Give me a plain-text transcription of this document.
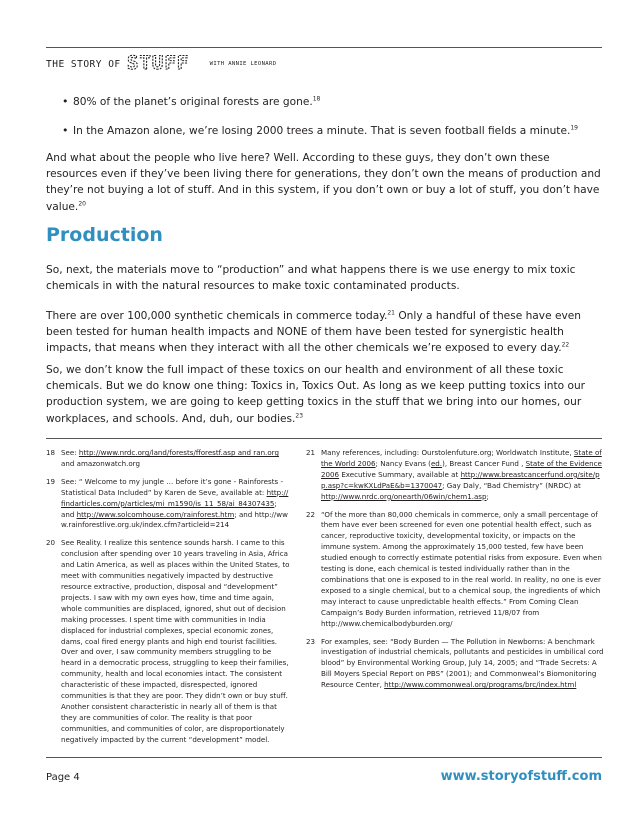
THE STORY OF STUFF	WITH ANNIE LEONARD
• 80% of the planet’s original forests are gone.$^{18}$
• In the Amazon alone, we’re losing 2000 trees a minute. That is seven football fields a minute.$^{19}$
And what about the people who live here? Well. According to these guys, they don’t own these resources even if they’ve been living there for generations, they don’t own the means of production and they’re not buying a lot of stuff. And in this system, if you don’t own or buy a lot of stuff, you don’t have value.$^{20}$
Production
So, next, the materials move to “production” and what happens there is we use energy to mix toxic chemicals in with the natural resources to make toxic contaminated products.
There are over 100,000 synthetic chemicals in commerce today.$^{21}$ Only a handful of these have even been tested for human health impacts and NONE of them have been tested for synergistic health impacts, that means when they interact with all the other chemicals we’re exposed to every day.$^{22}$
So, we don’t know the full impact of these toxics on our health and environment of all these toxic chemicals. But we do know one thing: Toxics in, Toxics Out. As long as we keep putting toxics into our production system, we are going to keep getting toxics in the stuff that we bring into our homes, our workplaces, and schools. And, duh, our bodies.$^{23}$
18 See: http://www.nrdc.org/land/forests/fforestf.asp and ran.org and amazonwatch.org
19 See: “ Welcome to my jungle … before it’s gone - Rainforests - Statistical Data Included” by Karen de Seve, available at: http://findarticles.com/p/articles/mi_m1590/is_11_58/ai_84307435; and http://www.solcomhouse.com/rainforest.htm; and http://www.rainforestlive.org.uk/index.cfm?articleid=214
20 See Reality. I realize this sentence sounds harsh. I came to this conclusion after spending over 10 years traveling in Asia, Africa and Latin America, as well as places within the United States, to meet with communities negatively impacted by destructive resource extractive, production, disposal and “development” projects. I saw with my own eyes how, time and time again, whole communities are displaced, ignored, shut out of decision making processes. I spent time with communities in India displaced for industrial complexes, special economic zones, dams, coal fired energy plants and high end tourist facilities. Over and over, I saw community members struggling to be heard in a democratic process, struggling to keep their families, community, health and local economies intact. The consistent characteristic of these impacted, disrespected, ignored communities is that they are poor. They didn’t own or buy stuff. Another consistent characteristic in nearly all of them is that they are communities of color. The reality is that poor communities, and communities of color, are disproportionately negatively impacted by the current “development” model.
21 Many references, including: Ourstolenfuture.org; Worldwatch Institute, State of the World 2006; Nancy Evans (ed.), Breast Cancer Fund , State of the Evidence 2006 Executive Summary, available at http://www.breastcancerfund.org/site/pp.asp?c=kwKXLdPaE&b=1370047; Gay Daly, “Bad Chemistry” (NRDC) at http://www.nrdc.org/onearth/06win/chem1.asp;
22 “Of the more than 80,000 chemicals in commerce, only a small percentage of them have ever been screened for even one potential health effect, such as cancer, reproductive toxicity, developmental toxicity, or impacts on the immune system. Among the approximately 15,000 tested, few have been studied enough to correctly estimate potential risks from exposure. Even when testing is done, each chemical is tested individually rather than in the combinations that one is exposed to in the real world. In reality, no one is ever exposed to a single chemical, but to a chemical soup, the ingredients of which may interact to cause unpredictable health effects.” From Coming Clean Campaign’s Body Burden information, retrieved 11/8/07 from http://www.chemicalbodyburden.org/
23 For examples, see: “Body Burden — The Pollution in Newborns: A benchmark investigation of industrial chemicals, pollutants and pesticides in umbilical cord blood” by Environmental Working Group, July 14, 2005; and “Trade Secrets: A Bill Moyers Special Report on PBS” (2001); and Commonweal’s Biomonitoring Resource Center, http://www.commonweal.org/programs/brc/index.html
Page 4	www.storyofstuff.com
